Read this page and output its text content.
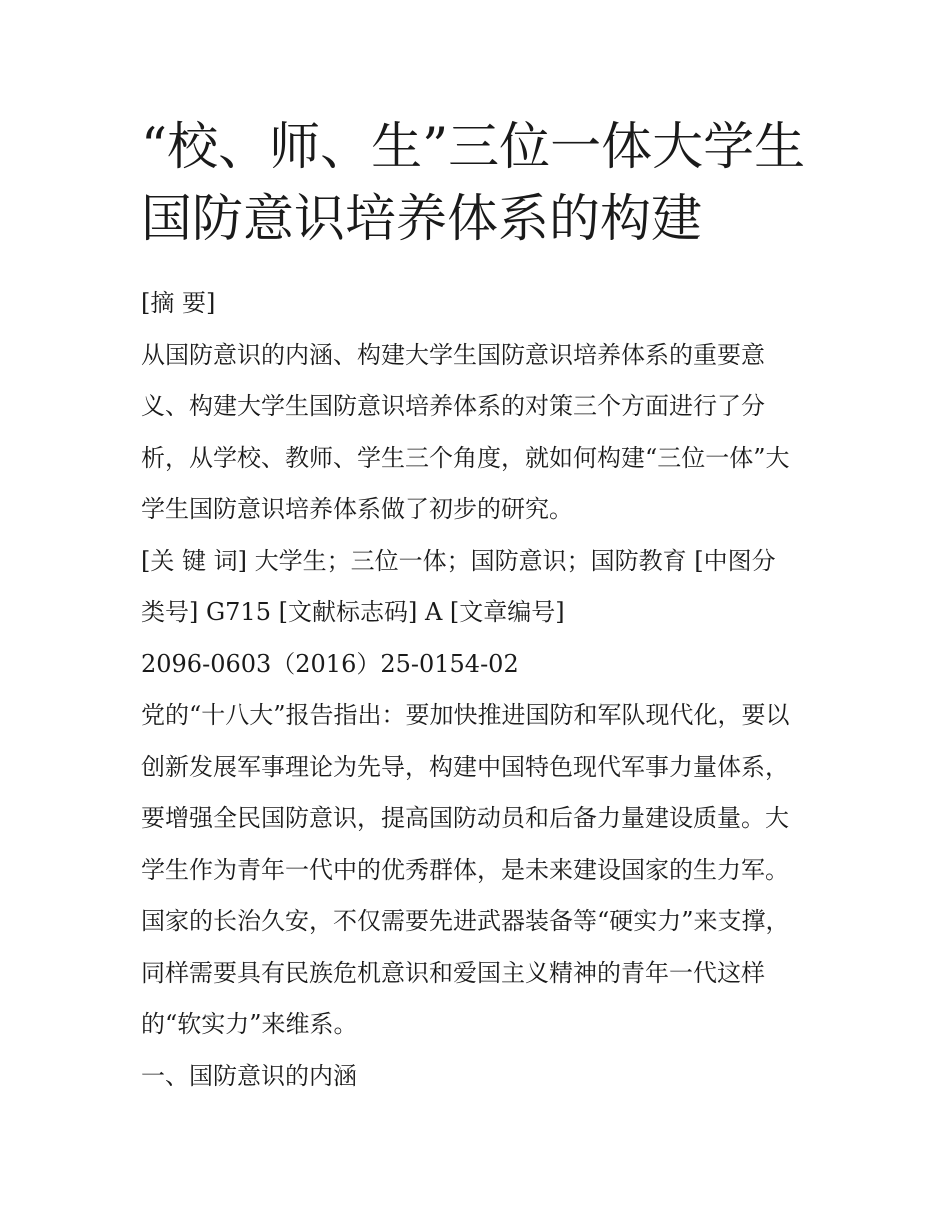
“校、师、生”三位一体大学生
国防意识培养体系的构建

[摘 要]

从国防意识的内涵、构建大学生国防意识培养体系的重要意
义、构建大学生国防意识培养体系的对策三个方面进行了分
析，从学校、教师、学生三个角度，就如何构建“三位一体”大
学生国防意识培养体系做了初步的研究。

[关 键 词] 大学生；三位一体；国防意识；国防教育 [中图分
类号] G715 [文献标志码] A [文章编号]

2096-0603（2016）25-0154-02

党的“十八大”报告指出：要加快推进国防和军队现代化，要以
创新发展军事理论为先导，构建中国特色现代军事力量体系，
要增强全民国防意识，提高国防动员和后备力量建设质量。大
学生作为青年一代中的优秀群体，是未来建设国家的生力军。
国家的长治久安，不仅需要先进武器装备等“硬实力”来支撑，
同样需要具有民族危机意识和爱国主义精神的青年一代这样
的“软实力”来维系。

一、国防意识的内涵
